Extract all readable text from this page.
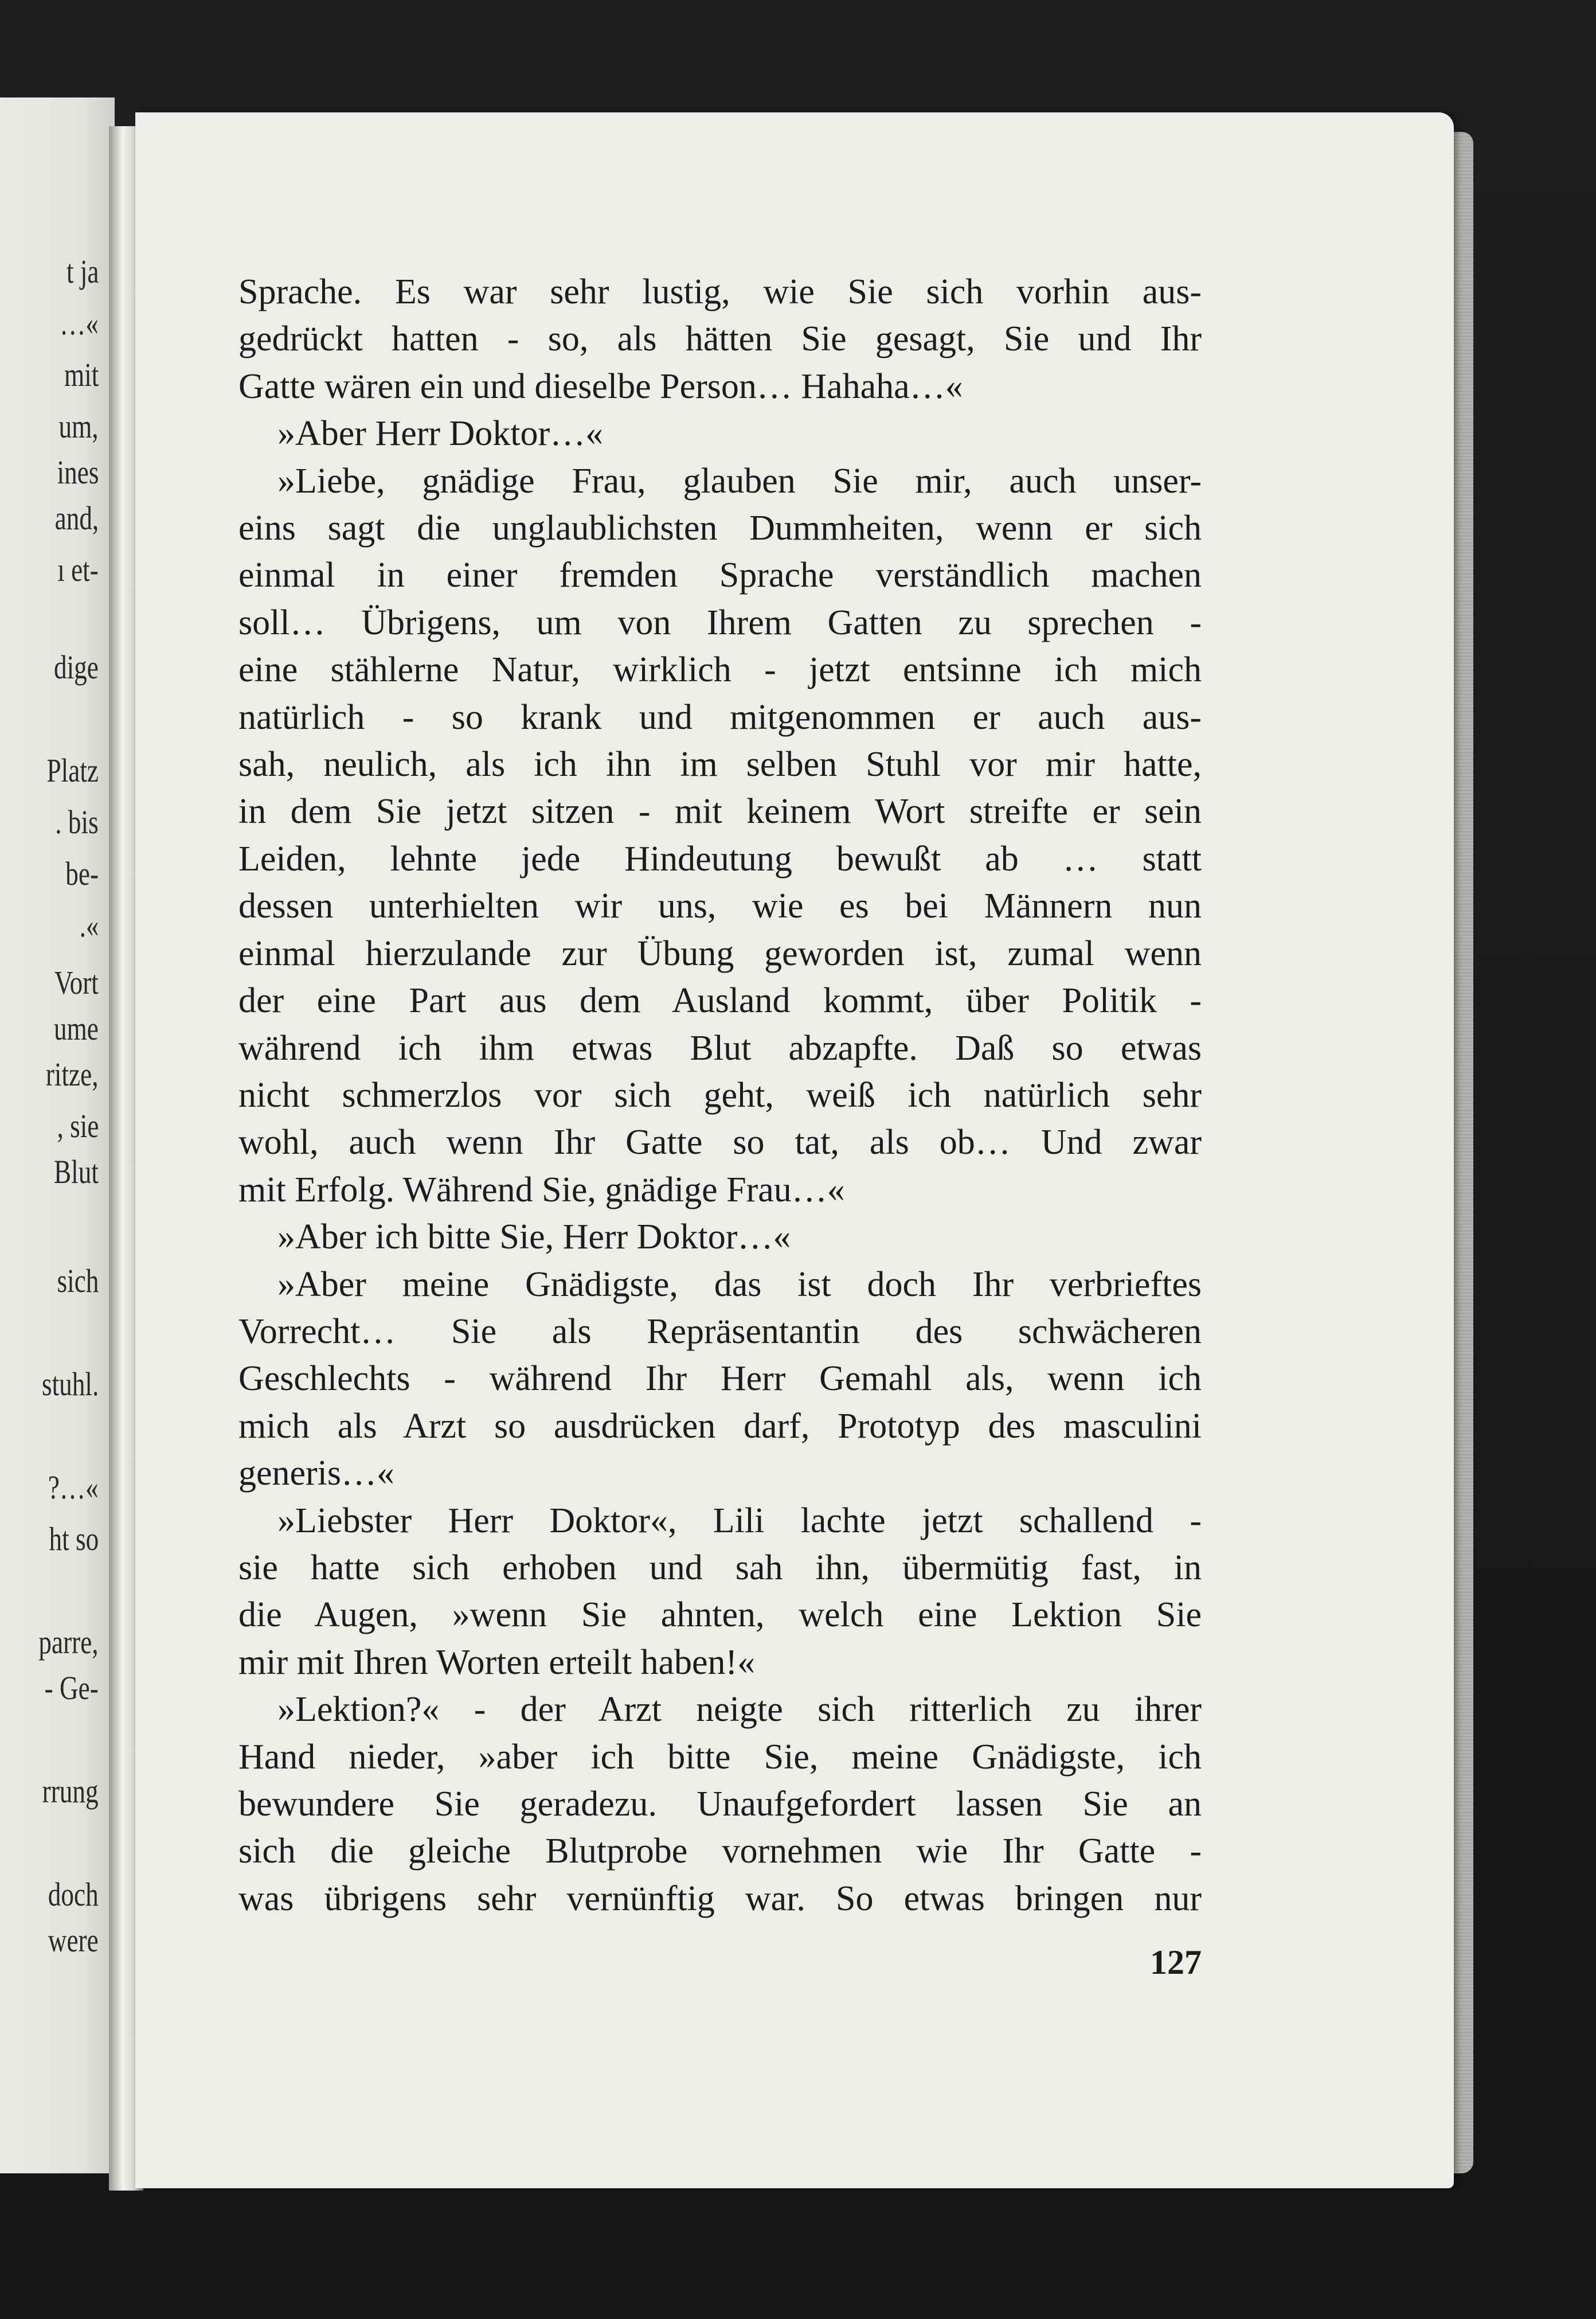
t ja
…«
mit
um,
ines
and,
ı et-
dige
Platz
. bis
be-
.«
Vort
ume
ritze,
, sie
Blut
sich
stuhl.
?…«
ht so
parre,
- Ge-
rrung
doch
were
Sprache. Es war sehr lustig, wie Sie sich vorhin aus-
gedrückt hatten - so, als hätten Sie gesagt, Sie und Ihr
Gatte wären ein und dieselbe Person… Hahaha…«
»Aber Herr Doktor…«
»Liebe, gnädige Frau, glauben Sie mir, auch unser-
eins sagt die unglaublichsten Dummheiten, wenn er sich
einmal in einer fremden Sprache verständlich machen
soll… Übrigens, um von Ihrem Gatten zu sprechen -
eine stählerne Natur, wirklich - jetzt entsinne ich mich
natürlich - so krank und mitgenommen er auch aus-
sah, neulich, als ich ihn im selben Stuhl vor mir hatte,
in dem Sie jetzt sitzen - mit keinem Wort streifte er sein
Leiden, lehnte jede Hindeutung bewußt ab … statt
dessen unterhielten wir uns, wie es bei Männern nun
einmal hierzulande zur Übung geworden ist, zumal wenn
der eine Part aus dem Ausland kommt, über Politik -
während ich ihm etwas Blut abzapfte. Daß so etwas
nicht schmerzlos vor sich geht, weiß ich natürlich sehr
wohl, auch wenn Ihr Gatte so tat, als ob… Und zwar
mit Erfolg. Während Sie, gnädige Frau…«
»Aber ich bitte Sie, Herr Doktor…«
»Aber meine Gnädigste, das ist doch Ihr verbrieftes
Vorrecht… Sie als Repräsentantin des schwächeren
Geschlechts - während Ihr Herr Gemahl als, wenn ich
mich als Arzt so ausdrücken darf, Prototyp des masculini
generis…«
»Liebster Herr Doktor«, Lili lachte jetzt schallend -
sie hatte sich erhoben und sah ihn, übermütig fast, in
die Augen, »wenn Sie ahnten, welch eine Lektion Sie
mir mit Ihren Worten erteilt haben!«
»Lektion?« - der Arzt neigte sich ritterlich zu ihrer
Hand nieder, »aber ich bitte Sie, meine Gnädigste, ich
bewundere Sie geradezu. Unaufgefordert lassen Sie an
sich die gleiche Blutprobe vornehmen wie Ihr Gatte -
was übrigens sehr vernünftig war. So etwas bringen nur
127
